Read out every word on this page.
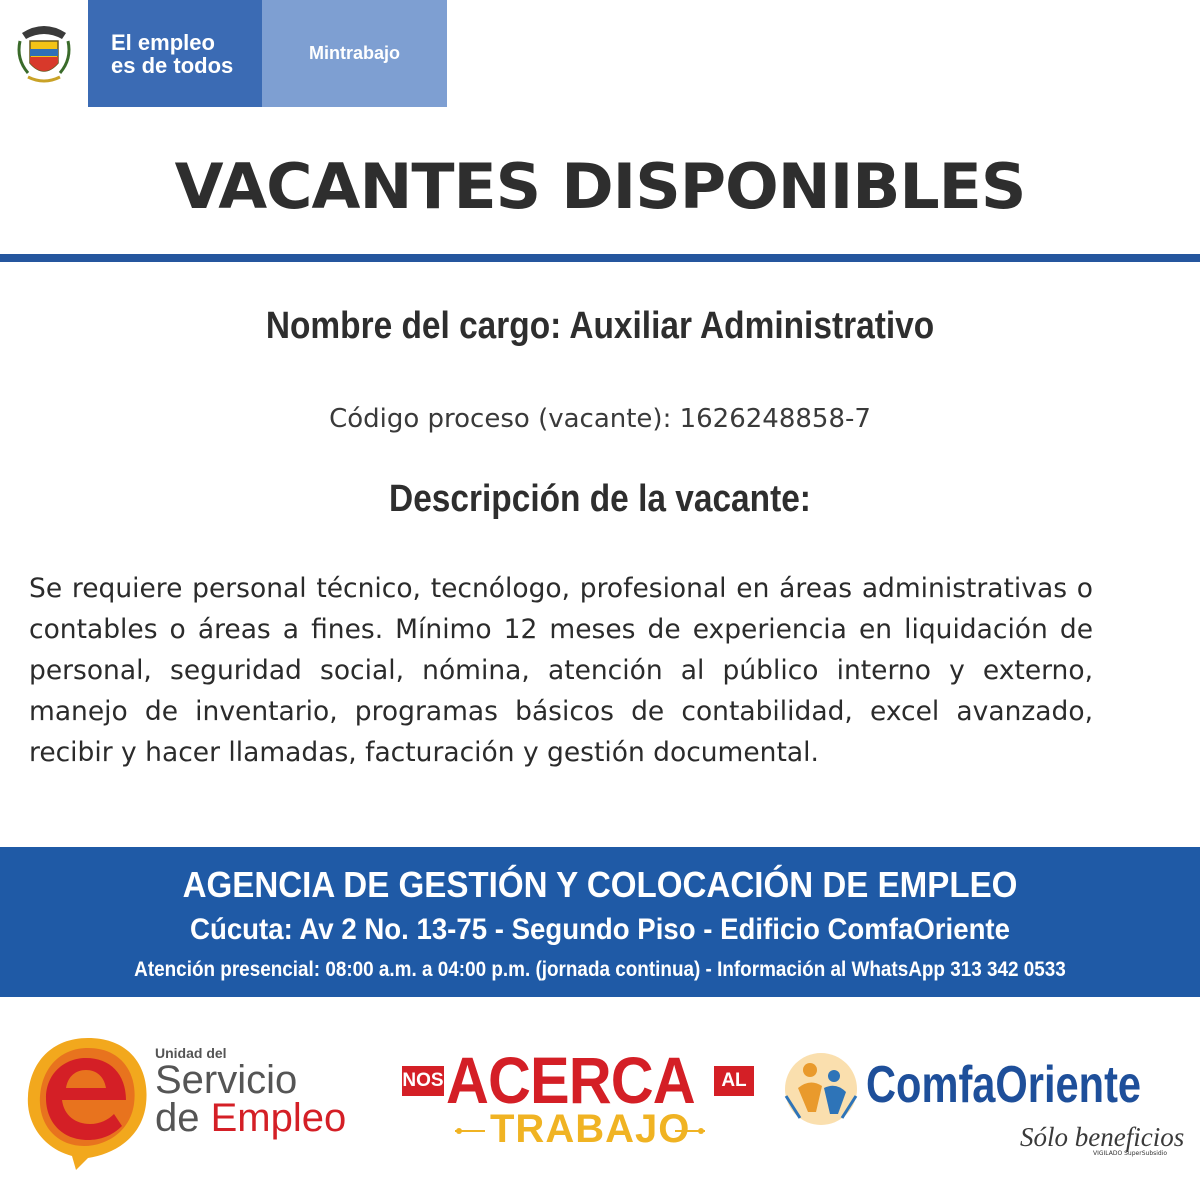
El empleo
es de todos	Mintrabajo
VACANTES DISPONIBLES
Nombre del cargo: Auxiliar Administrativo
Código proceso (vacante): 1626248858-7
Descripción de la vacante:
Se requiere personal técnico, tecnólogo, profesional en áreas administrativas o contables o áreas a fines. Mínimo 12 meses de experiencia en liquidación de personal, seguridad social, nómina, atención al público interno y externo, manejo de inventario, programas básicos de contabilidad, excel avanzado, recibir y hacer llamadas, facturación y gestión documental.
AGENCIA DE GESTIÓN Y COLOCACIÓN DE EMPLEO
Cúcuta: Av 2 No. 13-75 - Segundo Piso - Edificio ComfaOriente
Atención presencial: 08:00 a.m. a 04:00 p.m. (jornada continua) - Información al WhatsApp 313 342 0533
Unidad del
Servicio
de Empleo
NOS ACERCA	AL
TRABAJO
ComfaOriente
Sólo beneficios
VIGILADO SuperSubsidio
